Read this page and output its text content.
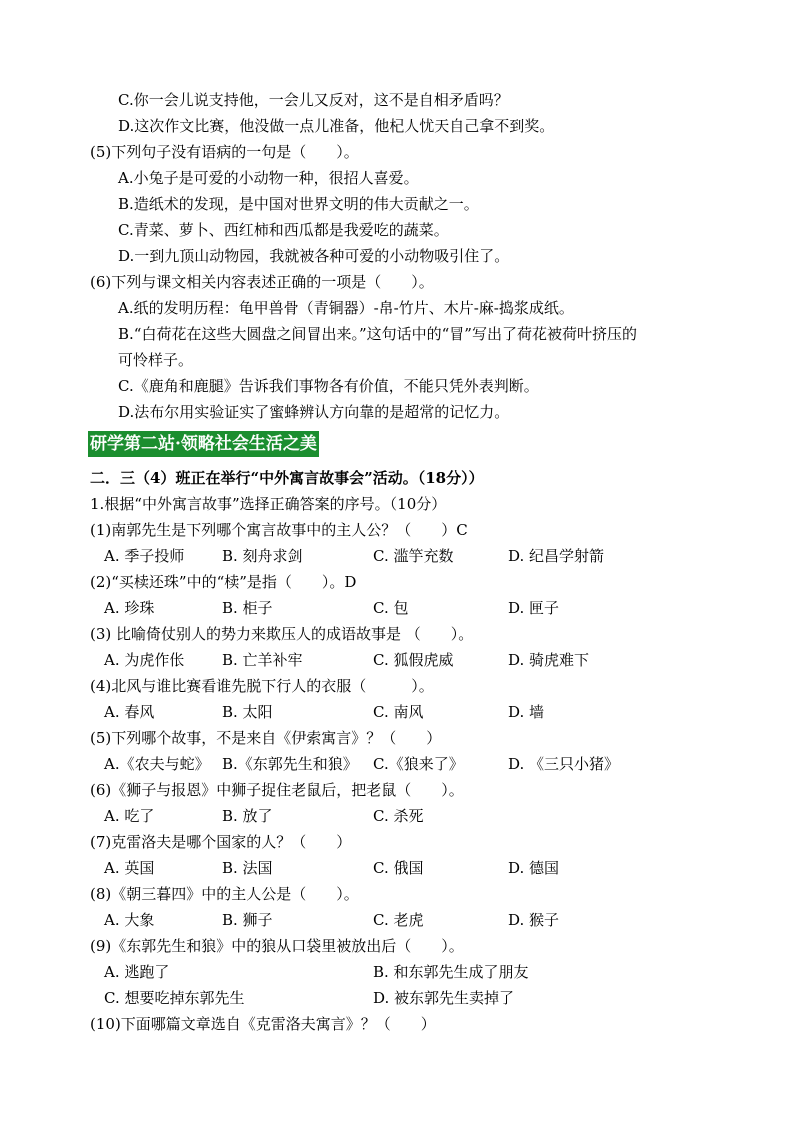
C.你一会儿说支持他，一会儿又反对，这不是自相矛盾吗？
D.这次作文比赛，他没做一点儿准备，他杞人忧天自己拿不到奖。
(5)下列句子没有语病的一句是（　　）。
A.小兔子是可爱的小动物一种，很招人喜爱。
B.造纸术的发现，是中国对世界文明的伟大贡献之一。
C.青菜、萝卜、西红柿和西瓜都是我爱吃的蔬菜。
D.一到九顶山动物园，我就被各种可爱的小动物吸引住了。
(6)下列与课文相关内容表述正确的一项是（　　）。
A.纸的发明历程：龟甲兽骨（青铜器）-帛-竹片、木片-麻-捣浆成纸。
B.“白荷花在这些大圆盘之间冒出来。”这句话中的“冒”写出了荷花被荷叶挤压的
可怜样子。
C.《鹿角和鹿腿》告诉我们事物各有价值，不能只凭外表判断。
D.法布尔用实验证实了蜜蜂辨认方向靠的是超常的记忆力。
研学第二站·领略社会生活之美
二．三（4）班正在举行“中外寓言故事会”活动。（18分））
1.根据“中外寓言故事”选择正确答案的序号。（10分）
(1)南郭先生是下列哪个寓言故事中的主人公？（　　）C
A. 季子投师	B. 刻舟求剑	C. 滥竽充数	D. 纪昌学射箭
(2)“买椟还珠”中的“椟”是指（　　）。D
A. 珍珠	B. 柜子	C. 包	D. 匣子
(3) 比喻倚仗别人的势力来欺压人的成语故事是 （　　）。
A. 为虎作伥	B. 亡羊补牢	C. 狐假虎威	D. 骑虎难下
(4)北风与谁比赛看谁先脱下行人的衣服（　　　）。
A. 春风	B. 太阳	C. 南风	D. 墙
(5)下列哪个故事，不是来自《伊索寓言》？（　　）
A.《农夫与蛇》 B.《东郭先生和狼》 C.《狼来了》	D. 《三只小猪》
(6)《狮子与报恩》中狮子捉住老鼠后，把老鼠（　　）。
A. 吃了	B. 放了	C. 杀死
(7)克雷洛夫是哪个国家的人？（　　）
A. 英国	B. 法国	C. 俄国	D. 德国
(8)《朝三暮四》中的主人公是（　　）。
A. 大象	B. 狮子	C. 老虎	D. 猴子
(9)《东郭先生和狼》中的狼从口袋里被放出后（　　）。
A. 逃跑了	B. 和东郭先生成了朋友
C. 想要吃掉东郭先生	D. 被东郭先生卖掉了
(10)下面哪篇文章选自《克雷洛夫寓言》？（　　）
